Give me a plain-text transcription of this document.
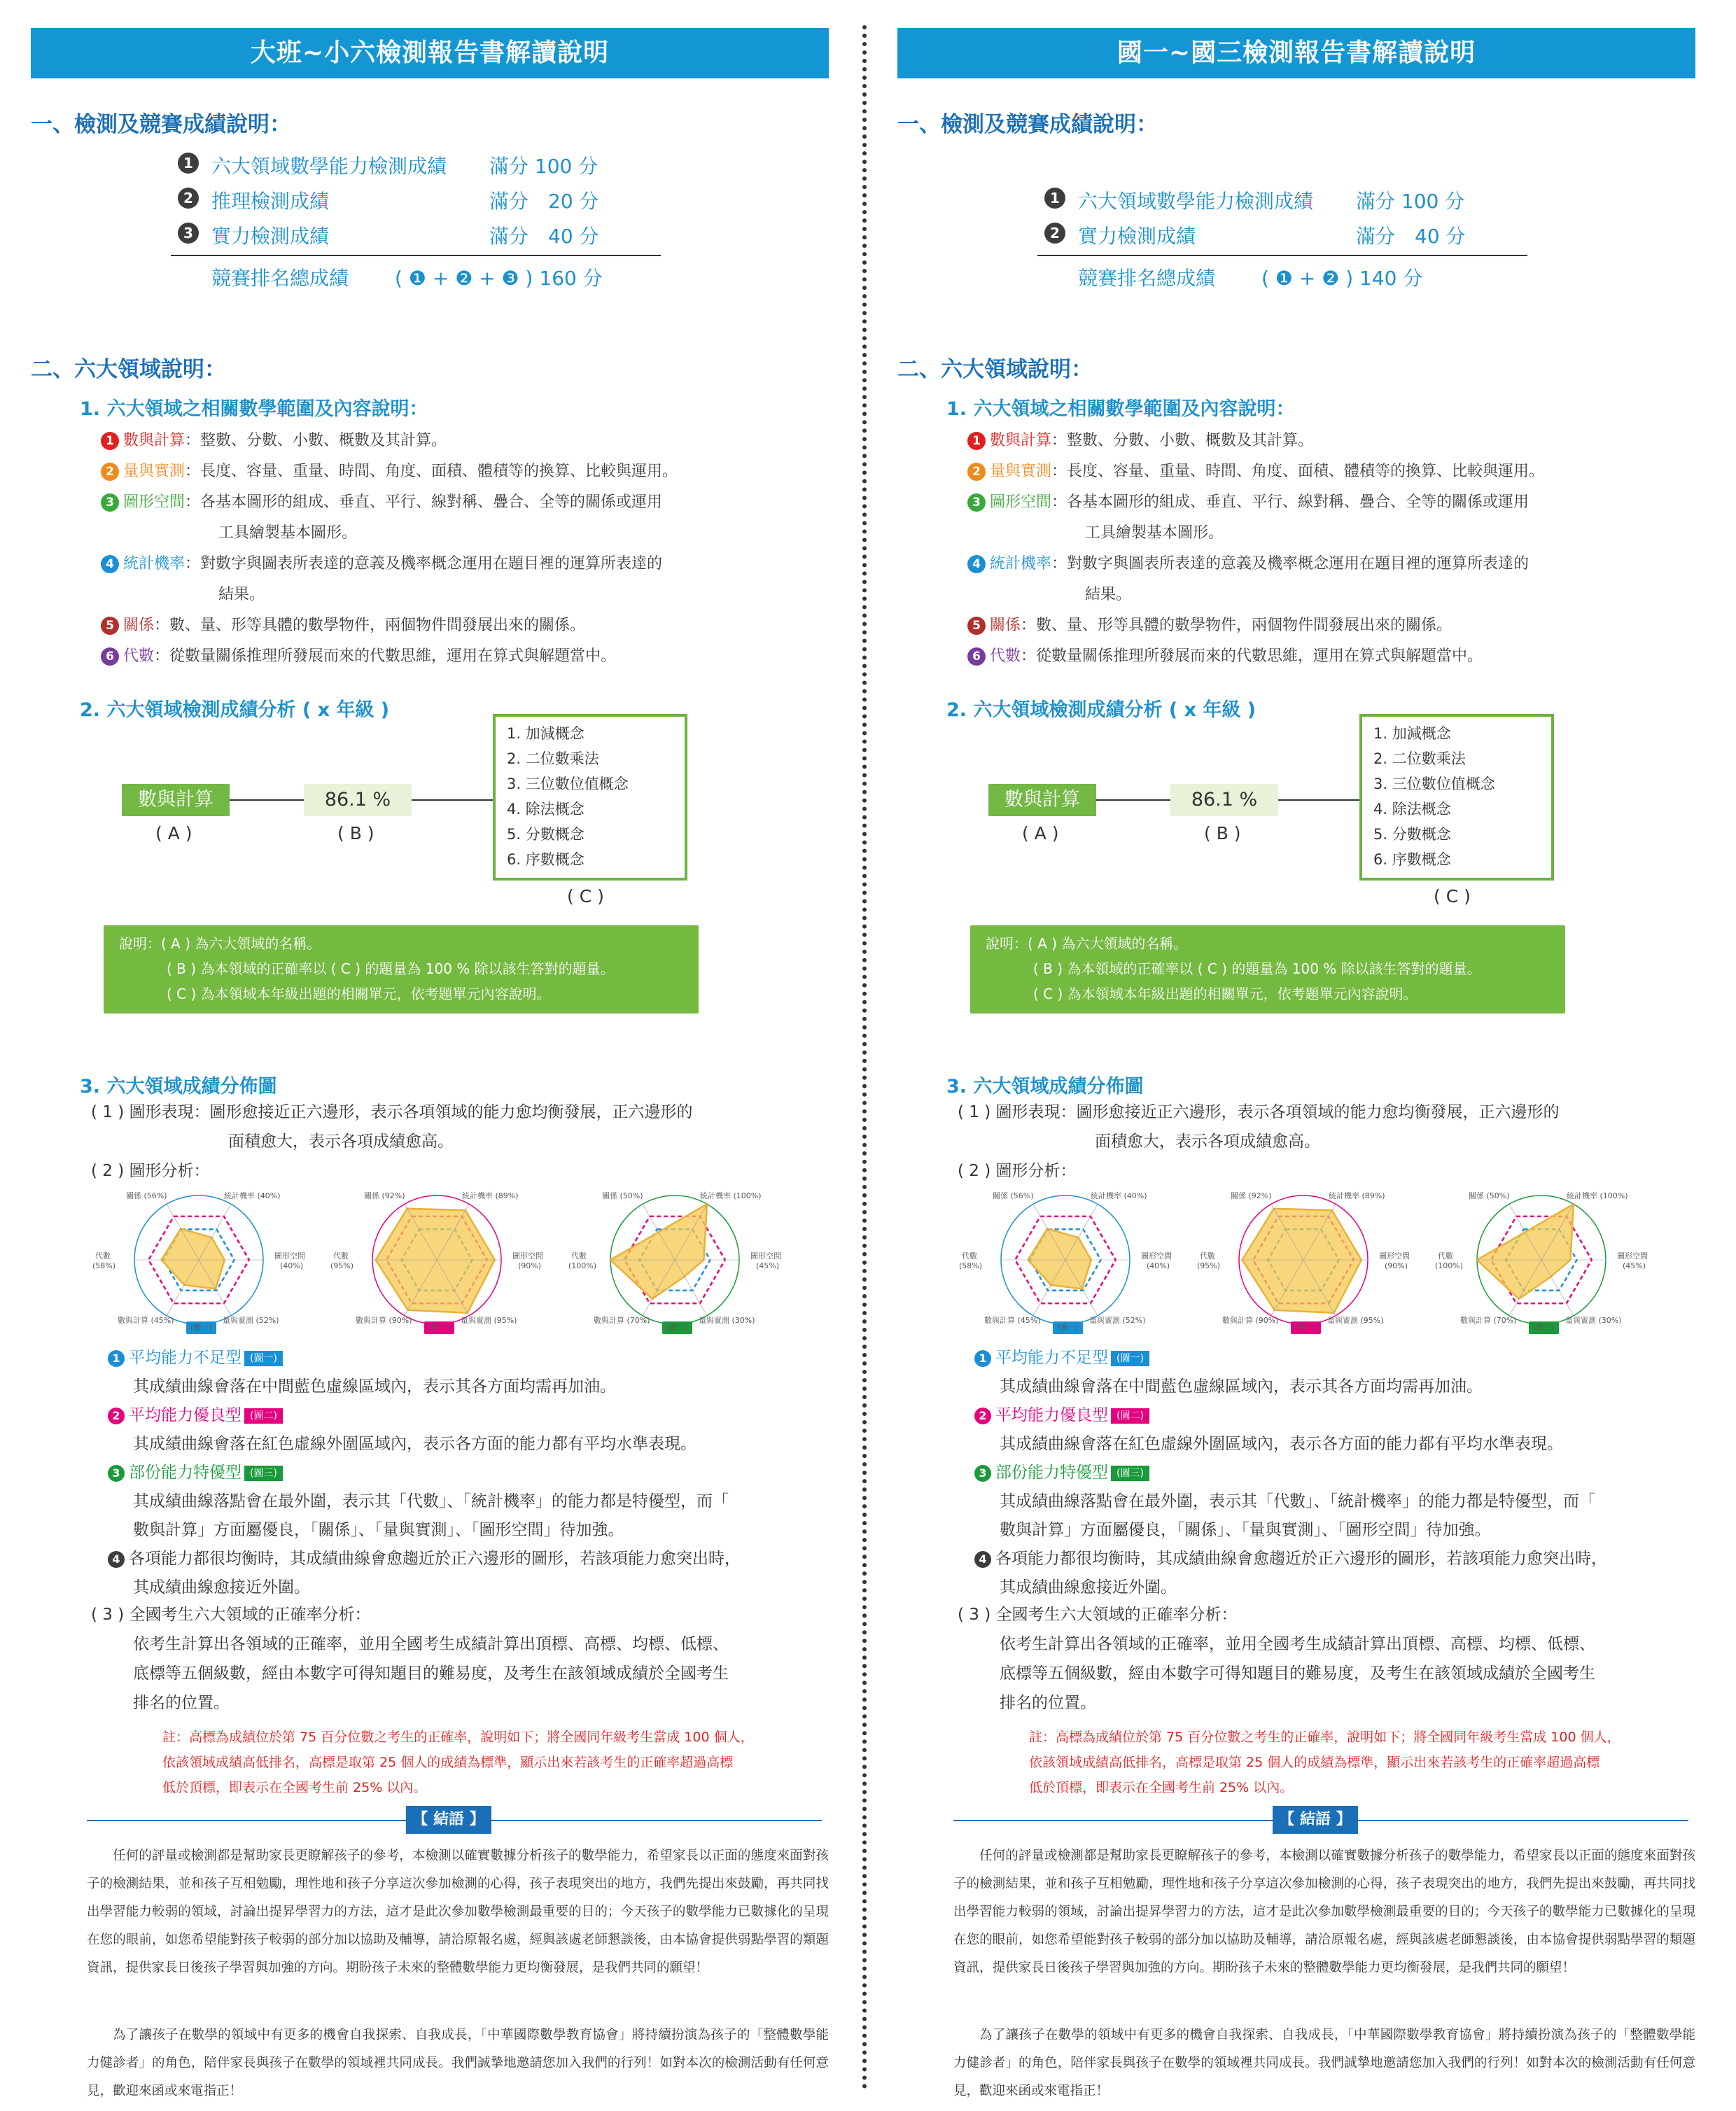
大班~小六檢測報告書解讀說明
一、檢測及競賽成績說明：
1 六大領域數學能力檢測成績 滿分 100 分
2 推理檢測成績	滿分　20 分
3 實力檢測成績	滿分　40 分
競賽排名總成績 ( ❶ + ❷ + ❸ ) 160 分
二、六大領域說明：
1. 六大領域之相關數學範圍及內容說明：
1 數與計算：整數、分數、小數、概數及其計算。
2 量與實測：長度、容量、重量、時間、角度、面積、體積等的換算、比較與運用。
3 圖形空間：各基本圖形的組成、垂直、平行、線對稱、疊合、全等的關係或運用
工具繪製基本圖形。
4 統計機率：對數字與圖表所表達的意義及機率概念運用在題目裡的運算所表達的
結果。
5 關係：數、量、形等具體的數學物件，兩個物件間發展出來的關係。
6 代數：從數量關係推理所發展而來的代數思維，運用在算式與解題當中。
2. 六大領域檢測成績分析 ( x 年級 )
數與計算	86.1 %
( A )	( B )
1. 加減概念
2. 二位數乘法
3. 三位數位值概念
4. 除法概念
5. 分數概念
6. 序數概念
( C )
說明：( A ) 為六大領域的名稱。
( B ) 為本領域的正確率以 ( C ) 的題量為 100 % 除以該生答對的題量。
( C ) 為本領域本年級出題的相關單元，依考題單元內容說明。
3. 六大領域成績分佈圖
( 1 ) 圖形表現：圖形愈接近正六邊形，表示各項領域的能力愈均衡發展，正六邊形的
面積愈大，表示各項成績愈高。
( 2 ) 圖形分析：
關係 (56%)	統計機率 (40%)
代數
(58%)
圖形空間
(40%)
數與計算 (45%)	量與實測 (52%)
(圖一)
關係 (92%)	統計機率 (89%)
代數
(95%)
圖形空間
(90%)
數與計算 (90%)	量與實測 (95%)
(圖二)
關係 (50%)	統計機率 (100%)
代數
(100%)
圖形空間
(45%)
數與計算 (70%)	量與實測 (30%)
(圖三)
1 平均能力不足型 (圖一)
其成績曲線會落在中間藍色虛線區域內，表示其各方面均需再加油。
2 平均能力優良型 (圖二)
其成績曲線會落在紅色虛線外圍區域內，表示各方面的能力都有平均水準表現。
3 部份能力特優型 (圖三)
其成績曲線落點會在最外圍，表示其「代數」、「統計機率」的能力都是特優型，而「
數與計算」方面屬優良，「關係」、「量與實測」、「圖形空間」待加強。
4 各項能力都很均衡時，其成績曲線會愈趨近於正六邊形的圖形，若該項能力愈突出時，
其成績曲線愈接近外圍。
( 3 ) 全國考生六大領域的正確率分析：
依考生計算出各領域的正確率，並用全國考生成績計算出頂標、高標、均標、低標、
底標等五個級數，經由本數字可得知題目的難易度，及考生在該領域成績於全國考生
排名的位置。
註：高標為成績位於第 75 百分位數之考生的正確率，說明如下；將全國同年級考生當成 100 個人，
依該領域成績高低排名，高標是取第 25 個人的成績為標準，顯示出來若該考生的正確率超過高標
低於頂標，即表示在全國考生前 25% 以內。
【 結語 】
任何的評量或檢測都是幫助家長更瞭解孩子的參考，本檢測以確實數據分析孩子的數學能力，希望家長以正面的態度來面對孩子的檢測結果，並和孩子互相勉勵，理性地和孩子分享這次參加檢測的心得，孩子表現突出的地方，我們先提出來鼓勵，再共同找出學習能力較弱的領域，討論出提昇學習力的方法，這才是此次參加數學檢測最重要的目的；今天孩子的數學能力已數據化的呈現在您的眼前，如您希望能對孩子較弱的部分加以協助及輔導，請洽原報名處，經與該處老師懇談後，由本協會提供弱點學習的類題資訊，提供家長日後孩子學習與加強的方向。期盼孩子未來的整體數學能力更均衡發展，是我們共同的願望！
為了讓孩子在數學的領域中有更多的機會自我探索、自我成長，「中華國際數學教育協會」將持續扮演為孩子的「整體數學能力健診者」的角色，陪伴家長與孩子在數學的領域裡共同成長。我們誠摯地邀請您加入我們的行列！如對本次的檢測活動有任何意見，歡迎來函或來電指正！
國一~國三檢測報告書解讀說明
一、檢測及競賽成績說明：
1 六大領域數學能力檢測成績 滿分 100 分
2 實力檢測成績	滿分　40 分
競賽排名總成績 ( ❶ + ❷ ) 140 分
二、六大領域說明：
1. 六大領域之相關數學範圍及內容說明：
1 數與計算：整數、分數、小數、概數及其計算。
2 量與實測：長度、容量、重量、時間、角度、面積、體積等的換算、比較與運用。
3 圖形空間：各基本圖形的組成、垂直、平行、線對稱、疊合、全等的關係或運用
工具繪製基本圖形。
4 統計機率：對數字與圖表所表達的意義及機率概念運用在題目裡的運算所表達的
結果。
5 關係：數、量、形等具體的數學物件，兩個物件間發展出來的關係。
6 代數：從數量關係推理所發展而來的代數思維，運用在算式與解題當中。
2. 六大領域檢測成績分析 ( x 年級 )
數與計算	86.1 %
( A )	( B )
1. 加減概念
2. 二位數乘法
3. 三位數位值概念
4. 除法概念
5. 分數概念
6. 序數概念
( C )
說明：( A ) 為六大領域的名稱。
( B ) 為本領域的正確率以 ( C ) 的題量為 100 % 除以該生答對的題量。
( C ) 為本領域本年級出題的相關單元，依考題單元內容說明。
3. 六大領域成績分佈圖
( 1 ) 圖形表現：圖形愈接近正六邊形，表示各項領域的能力愈均衡發展，正六邊形的
面積愈大，表示各項成績愈高。
( 2 ) 圖形分析：
關係 (56%)	統計機率 (40%)
代數
(58%)
圖形空間
(40%)
數與計算 (45%)	量與實測 (52%)
(圖一)
關係 (92%)	統計機率 (89%)
代數
(95%)
圖形空間
(90%)
數與計算 (90%)	量與實測 (95%)
(圖二)
關係 (50%)	統計機率 (100%)
代數
(100%)
圖形空間
(45%)
數與計算 (70%)	量與實測 (30%)
(圖三)
1 平均能力不足型 (圖一)
其成績曲線會落在中間藍色虛線區域內，表示其各方面均需再加油。
2 平均能力優良型 (圖二)
其成績曲線會落在紅色虛線外圍區域內，表示各方面的能力都有平均水準表現。
3 部份能力特優型 (圖三)
其成績曲線落點會在最外圍，表示其「代數」、「統計機率」的能力都是特優型，而「
數與計算」方面屬優良，「關係」、「量與實測」、「圖形空間」待加強。
4 各項能力都很均衡時，其成績曲線會愈趨近於正六邊形的圖形，若該項能力愈突出時，
其成績曲線愈接近外圍。
( 3 ) 全國考生六大領域的正確率分析：
依考生計算出各領域的正確率，並用全國考生成績計算出頂標、高標、均標、低標、
底標等五個級數，經由本數字可得知題目的難易度，及考生在該領域成績於全國考生
排名的位置。
註：高標為成績位於第 75 百分位數之考生的正確率，說明如下；將全國同年級考生當成 100 個人，
依該領域成績高低排名，高標是取第 25 個人的成績為標準，顯示出來若該考生的正確率超過高標
低於頂標，即表示在全國考生前 25% 以內。
【 結語 】
任何的評量或檢測都是幫助家長更瞭解孩子的參考，本檢測以確實數據分析孩子的數學能力，希望家長以正面的態度來面對孩子的檢測結果，並和孩子互相勉勵，理性地和孩子分享這次參加檢測的心得，孩子表現突出的地方，我們先提出來鼓勵，再共同找出學習能力較弱的領域，討論出提昇學習力的方法，這才是此次參加數學檢測最重要的目的；今天孩子的數學能力已數據化的呈現在您的眼前，如您希望能對孩子較弱的部分加以協助及輔導，請洽原報名處，經與該處老師懇談後，由本協會提供弱點學習的類題資訊，提供家長日後孩子學習與加強的方向。期盼孩子未來的整體數學能力更均衡發展，是我們共同的願望！
為了讓孩子在數學的領域中有更多的機會自我探索、自我成長，「中華國際數學教育協會」將持續扮演為孩子的「整體數學能力健診者」的角色，陪伴家長與孩子在數學的領域裡共同成長。我們誠摯地邀請您加入我們的行列！如對本次的檢測活動有任何意見，歡迎來函或來電指正！
